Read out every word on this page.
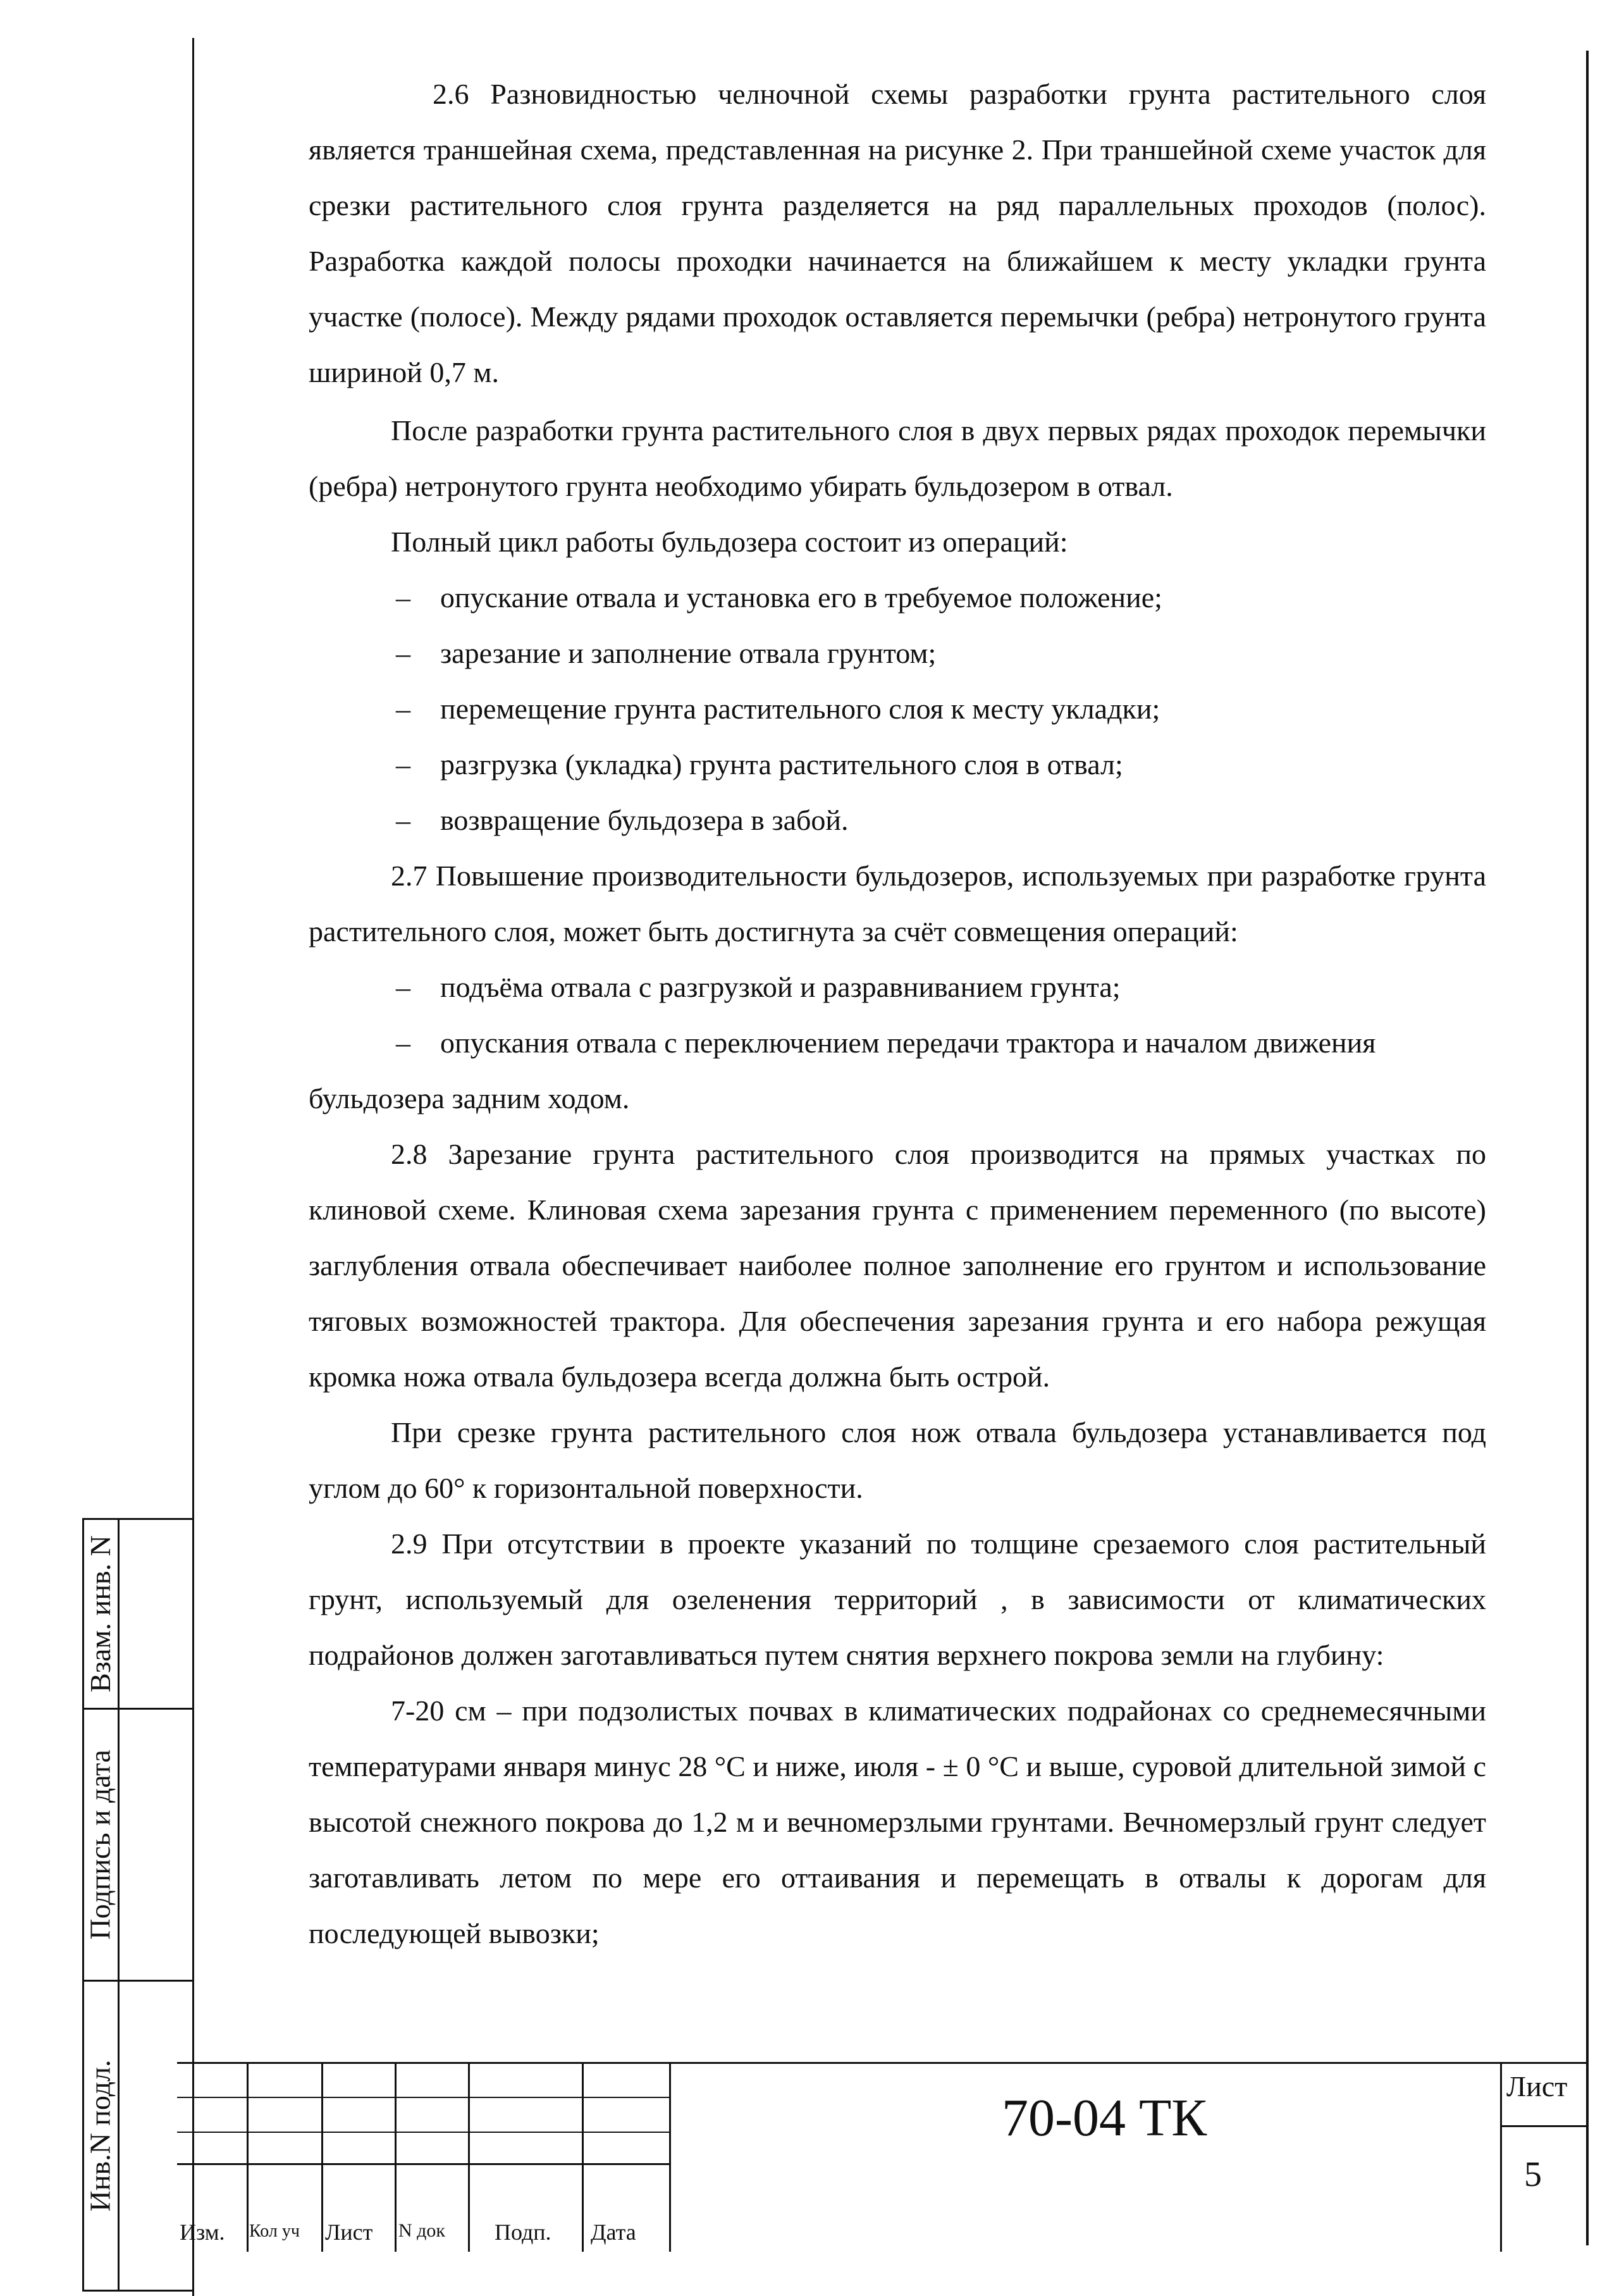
Взам. инв. N
Подпись и дата
Инв.N подл.

2.6 Разновидностью челночной схемы разработки грунта растительного слоя является траншейная схема, представленная на рисунке 2. При траншейной схеме участок для срезки растительного слоя грунта разделяется на ряд параллельных проходов (полос). Разработка каждой полосы проходки начинается на ближайшем к месту укладки грунта участке (полосе). Между рядами проходок оставляется перемычки (ребра) нетронутого грунта шириной 0,7 м.

После разработки грунта растительного слоя в двух первых рядах проходок перемычки (ребра) нетронутого грунта необходимо убирать бульдозером в отвал.

Полный цикл работы бульдозера состоит из операций:

–	опускание отвала и установка его в требуемое положение;
–	зарезание и заполнение отвала грунтом;
–	перемещение грунта растительного слоя к месту укладки;
–	разгрузка (укладка) грунта растительного слоя в отвал;
–	возвращение бульдозера в забой.

2.7 Повышение производительности бульдозеров, используемых при разработке грунта растительного слоя, может быть достигнута за счёт совмещения операций:

–	подъёма отвала с разгрузкой и разравниванием грунта;
–	опускания отвала с переключением передачи трактора и началом движения бульдозера задним ходом.

2.8 Зарезание грунта растительного слоя производится на прямых участках по клиновой схеме. Клиновая схема зарезания грунта с применением переменного (по высоте) заглубления отвала обеспечивает наиболее полное заполнение его грунтом и использование тяговых возможностей трактора. Для обеспечения зарезания грунта и его набора режущая кромка ножа отвала бульдозера всегда должна быть острой.

При срезке грунта растительного слоя нож отвала бульдозера устанавливается под углом до 60° к горизонтальной поверхности.

2.9 При отсутствии в проекте указаний по толщине срезаемого слоя растительный грунт, используемый для озеленения территорий , в зависимости от климатических подрайонов должен заготавливаться путем снятия верхнего покрова земли на глубину:

7-20 см – при подзолистых почвах в климатических подрайонах со среднемесячными температурами января минус 28 °С и ниже, июля - ± 0 °С и выше, суровой длительной зимой с высотой снежного покрова до 1,2 м и вечномерзлыми грунтами. Вечномерзлый грунт следует заготавливать летом по мере его оттаивания и перемещать в отвалы к дорогам для последующей вывозки;

Изм. Кол уч Лист N док Подп. Дата
70-04 ТК
Лист
5
